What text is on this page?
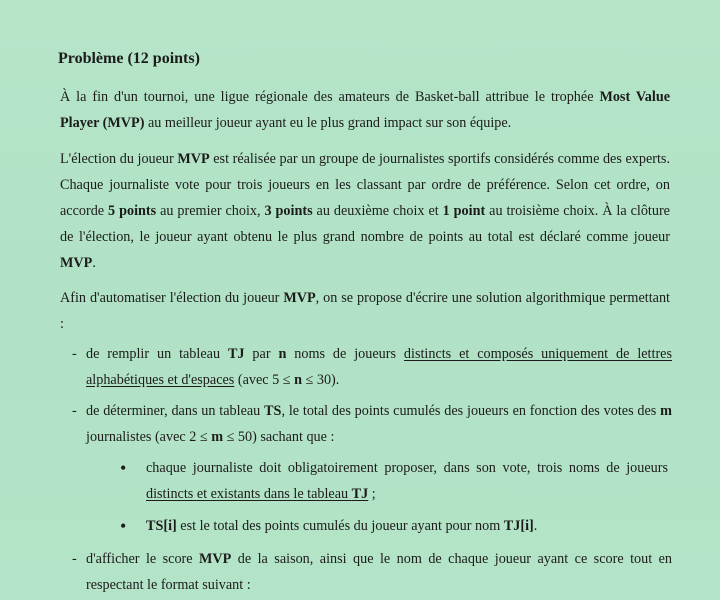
Problème (12 points)
À la fin d'un tournoi, une ligue régionale des amateurs de Basket-ball attribue le trophée Most Value Player (MVP) au meilleur joueur ayant eu le plus grand impact sur son équipe.
L'élection du joueur MVP est réalisée par un groupe de journalistes sportifs considérés comme des experts. Chaque journaliste vote pour trois joueurs en les classant par ordre de préférence. Selon cet ordre, on accorde 5 points au premier choix, 3 points au deuxième choix et 1 point au troisième choix. À la clôture de l'élection, le joueur ayant obtenu le plus grand nombre de points au total est déclaré comme joueur MVP.
Afin d'automatiser l'élection du joueur MVP, on se propose d'écrire une solution algorithmique permettant :
- de remplir un tableau TJ par n noms de joueurs distincts et composés uniquement de lettres alphabétiques et d'espaces (avec 5 ≤ n ≤ 30).
- de déterminer, dans un tableau TS, le total des points cumulés des joueurs en fonction des votes des m journalistes (avec 2 ≤ m ≤ 50) sachant que :
•	chaque journaliste doit obligatoirement proposer, dans son vote, trois noms de joueurs distincts et existants dans le tableau TJ ;
•	TS[i] est le total des points cumulés du joueur ayant pour nom TJ[i].
- d'afficher le score MVP de la saison, ainsi que le nom de chaque joueur ayant ce score tout en respectant le format suivant :
